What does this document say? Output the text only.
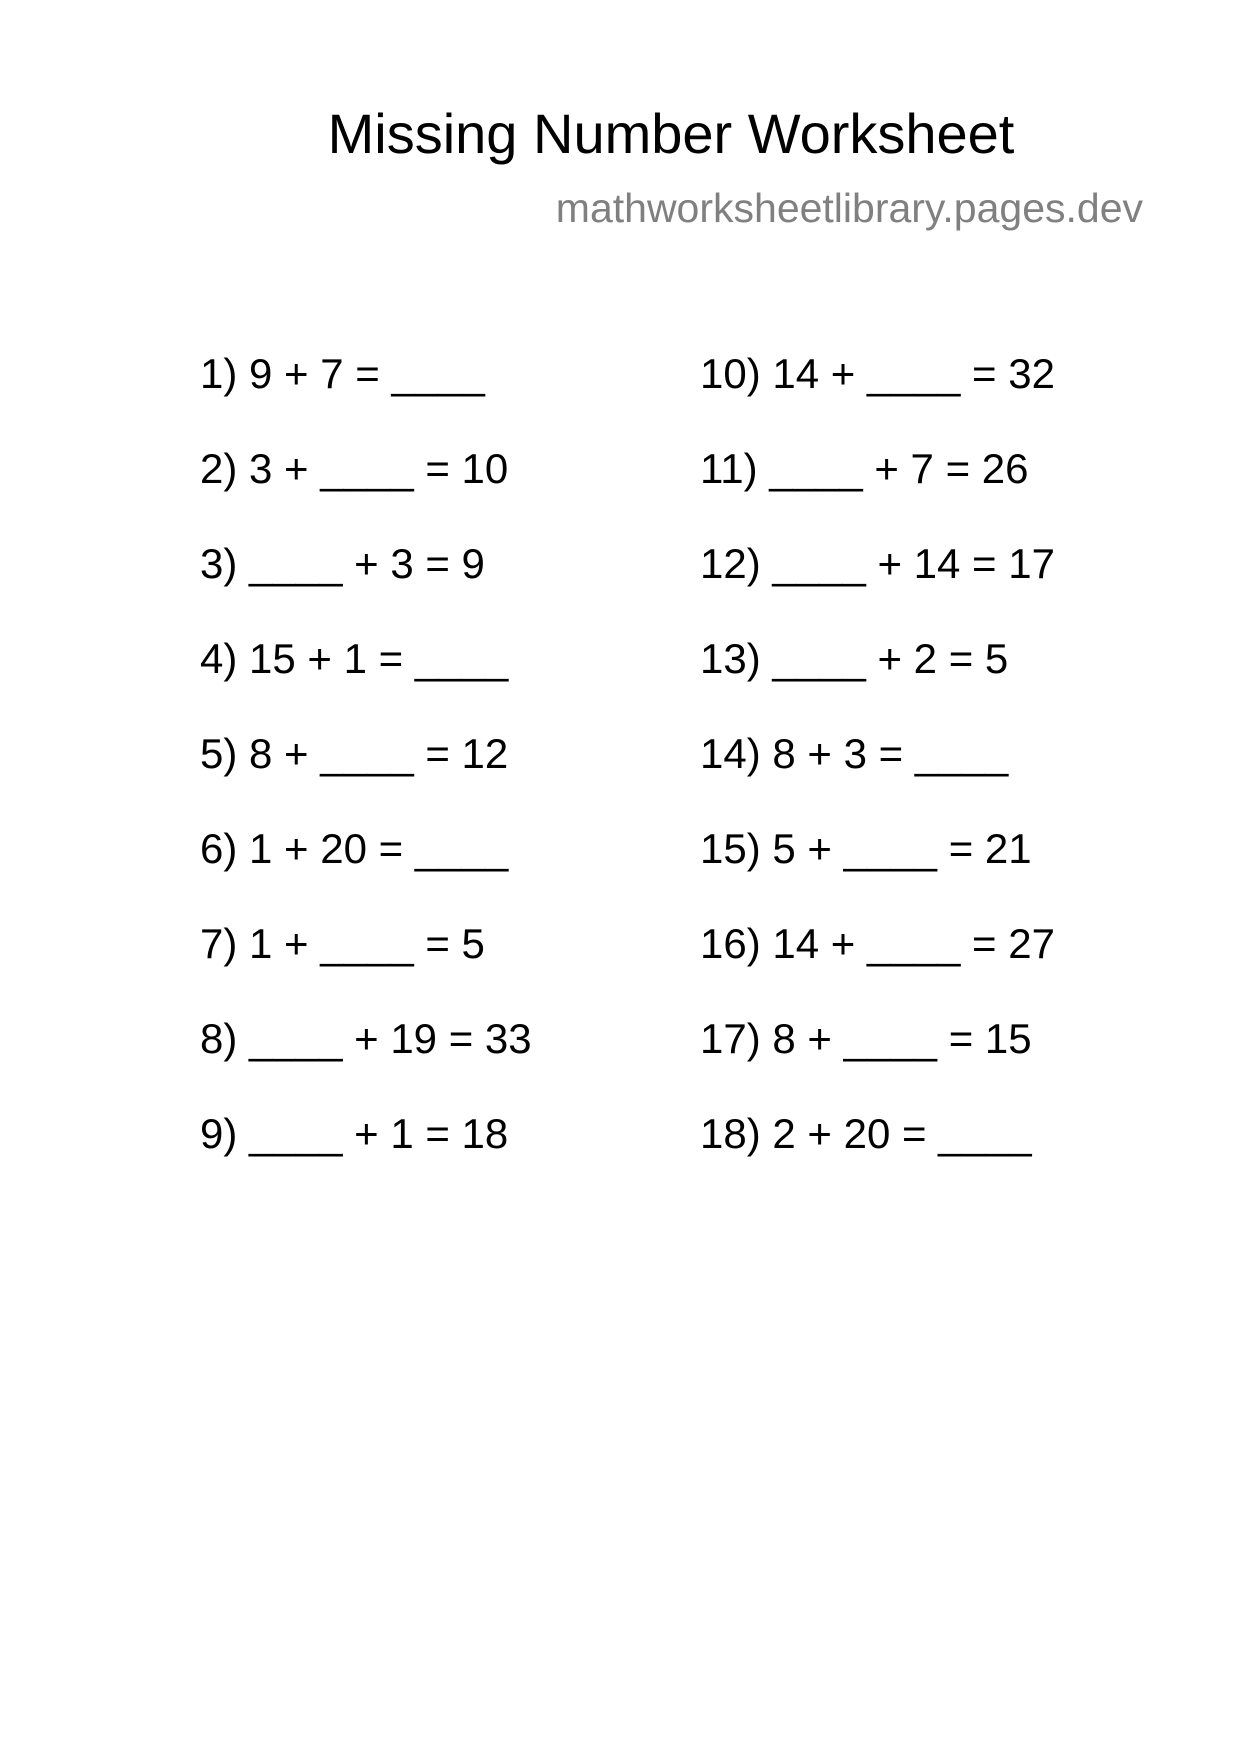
Missing Number Worksheet
mathworksheetlibrary.pages.dev
1) 9 + 7 = ____
2) 3 + ____ = 10
3) ____ + 3 = 9
4) 15 + 1 = ____
5) 8 + ____ = 12
6) 1 + 20 = ____
7) 1 + ____ = 5
8) ____ + 19 = 33
9) ____ + 1 = 18
10) 14 + ____ = 32
11) ____ + 7 = 26
12) ____ + 14 = 17
13) ____ + 2 = 5
14) 8 + 3 = ____
15) 5 + ____ = 21
16) 14 + ____ = 27
17) 8 + ____ = 15
18) 2 + 20 = ____
